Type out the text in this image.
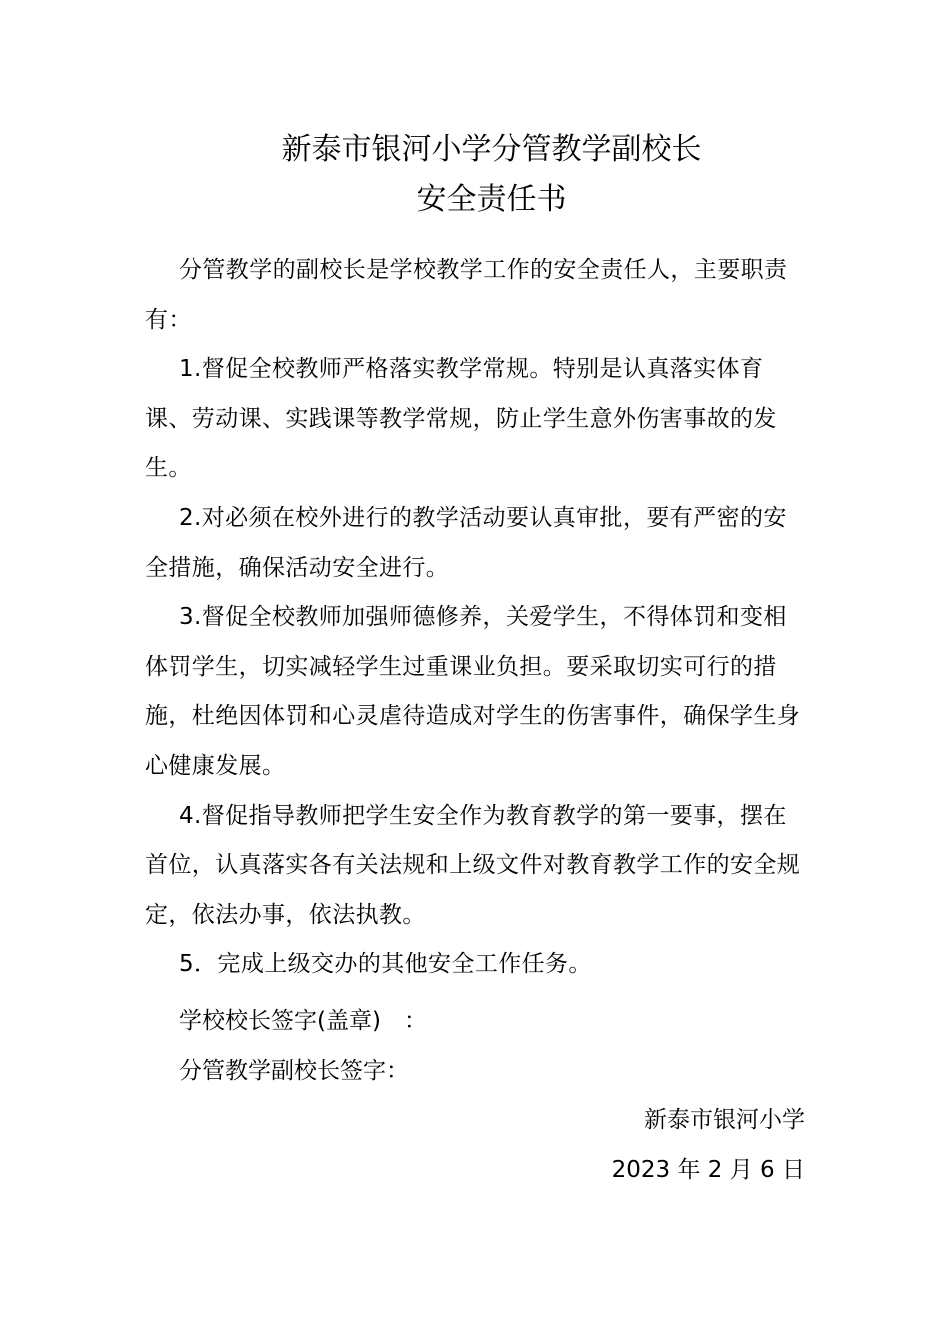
新泰市银河小学分管教学副校长
安全责任书

分管教学的副校长是学校教学工作的安全责任人，主要职责有：

1.督促全校教师严格落实教学常规。特别是认真落实体育课、劳动课、实践课等教学常规，防止学生意外伤害事故的发生。

2.对必须在校外进行的教学活动要认真审批，要有严密的安全措施，确保活动安全进行。

3.督促全校教师加强师德修养，关爱学生，不得体罚和变相体罚学生，切实减轻学生过重课业负担。要采取切实可行的措施，杜绝因体罚和心灵虐待造成对学生的伤害事件，确保学生身心健康发展。

4.督促指导教师把学生安全作为教育教学的第一要事，摆在首位，认真落实各有关法规和上级文件对教育教学工作的安全规定，依法办事，依法执教。

5．完成上级交办的其他安全工作任务。

学校校长签字(盖章)　：
分管教学副校长签字：
新泰市银河小学
2023 年 2 月 6 日
